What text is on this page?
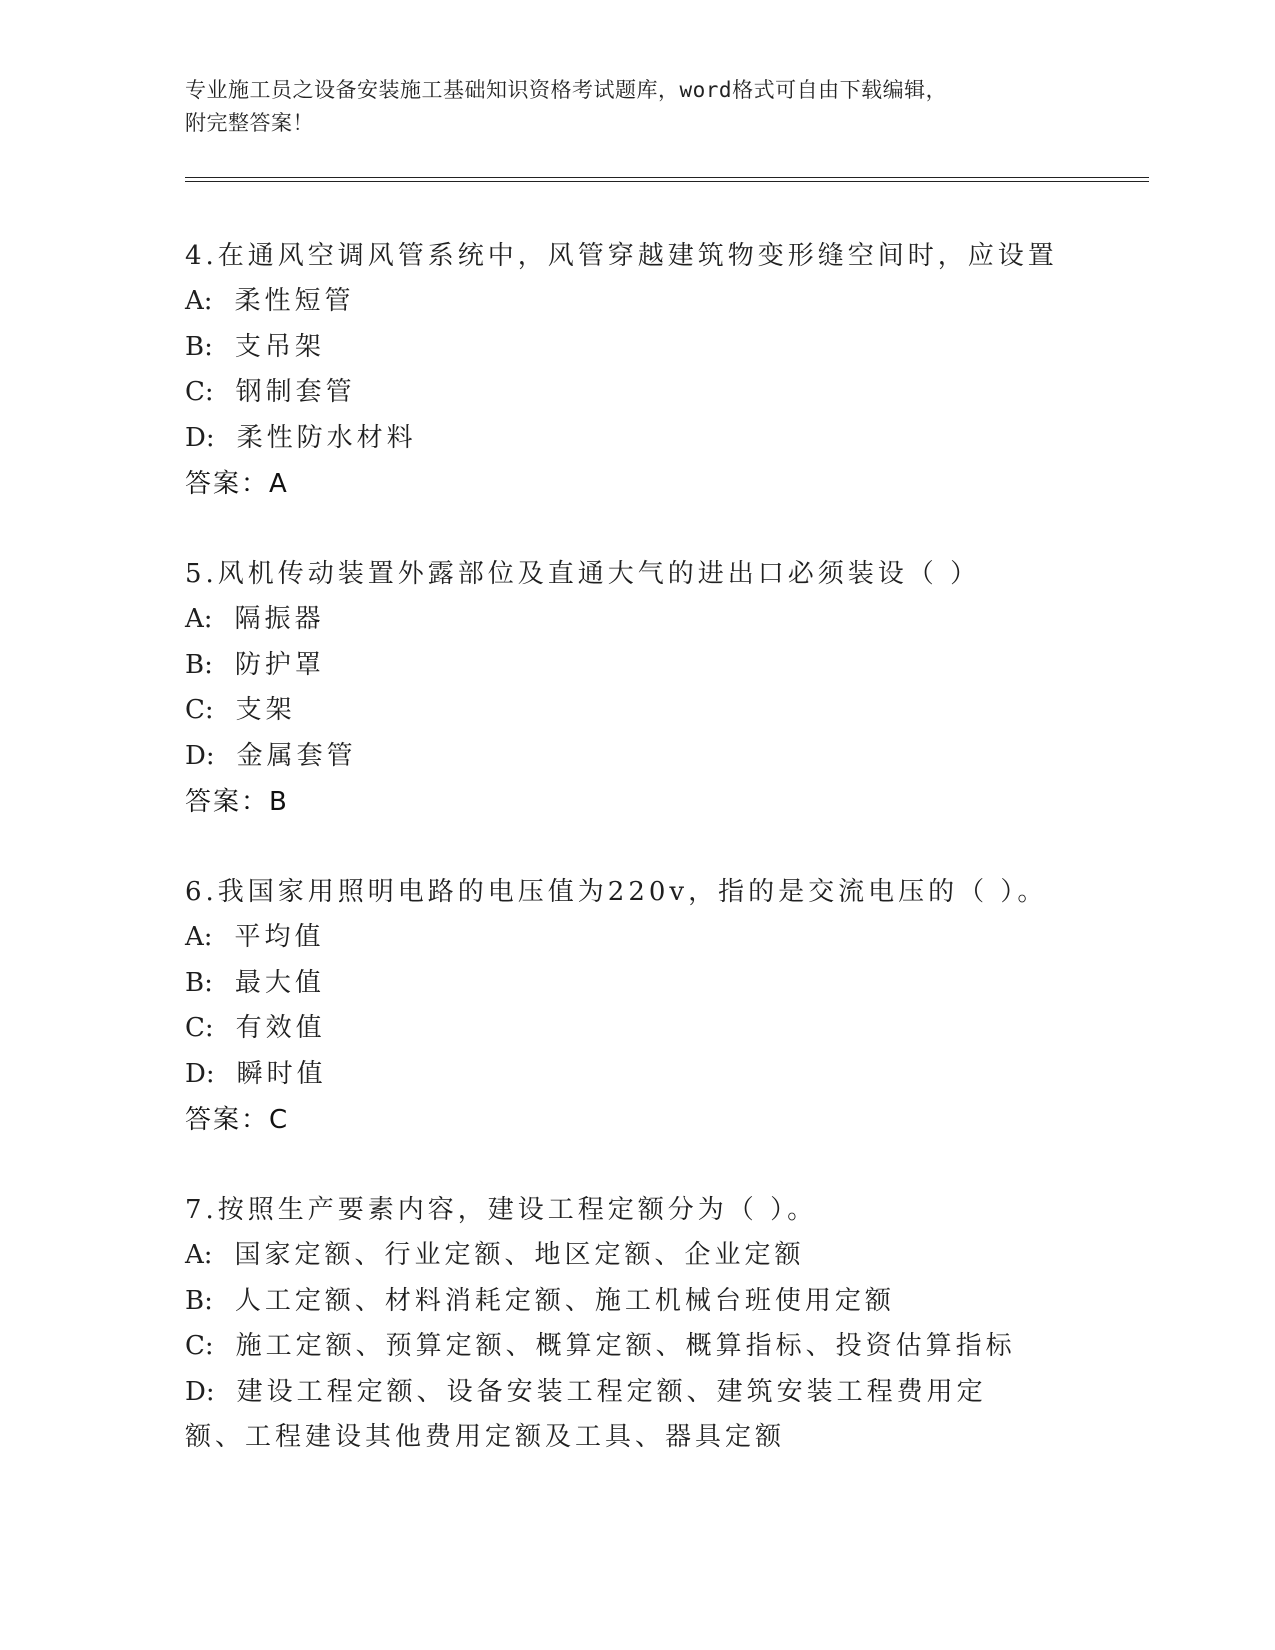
专业施工员之设备安装施工基础知识资格考试题库，word格式可自由下载编辑，
附完整答案！
4.在通风空调风管系统中，风管穿越建筑物变形缝空间时，应设置
A: 柔性短管
B: 支吊架
C: 钢制套管
D: 柔性防水材料
答案：A
5.风机传动装置外露部位及直通大气的进出口必须装设（ ）
A: 隔振器
B: 防护罩
C: 支架
D: 金属套管
答案：B
6.我国家用照明电路的电压值为220v，指的是交流电压的（ ）。
A: 平均值
B: 最大值
C: 有效值
D: 瞬时值
答案：C
7.按照生产要素内容，建设工程定额分为（ ）。
A: 国家定额、行业定额、地区定额、企业定额
B: 人工定额、材料消耗定额、施工机械台班使用定额
C: 施工定额、预算定额、概算定额、概算指标、投资估算指标
D: 建设工程定额、设备安装工程定额、建筑安装工程费用定额、工程建设其他费用定额及工具、器具定额
